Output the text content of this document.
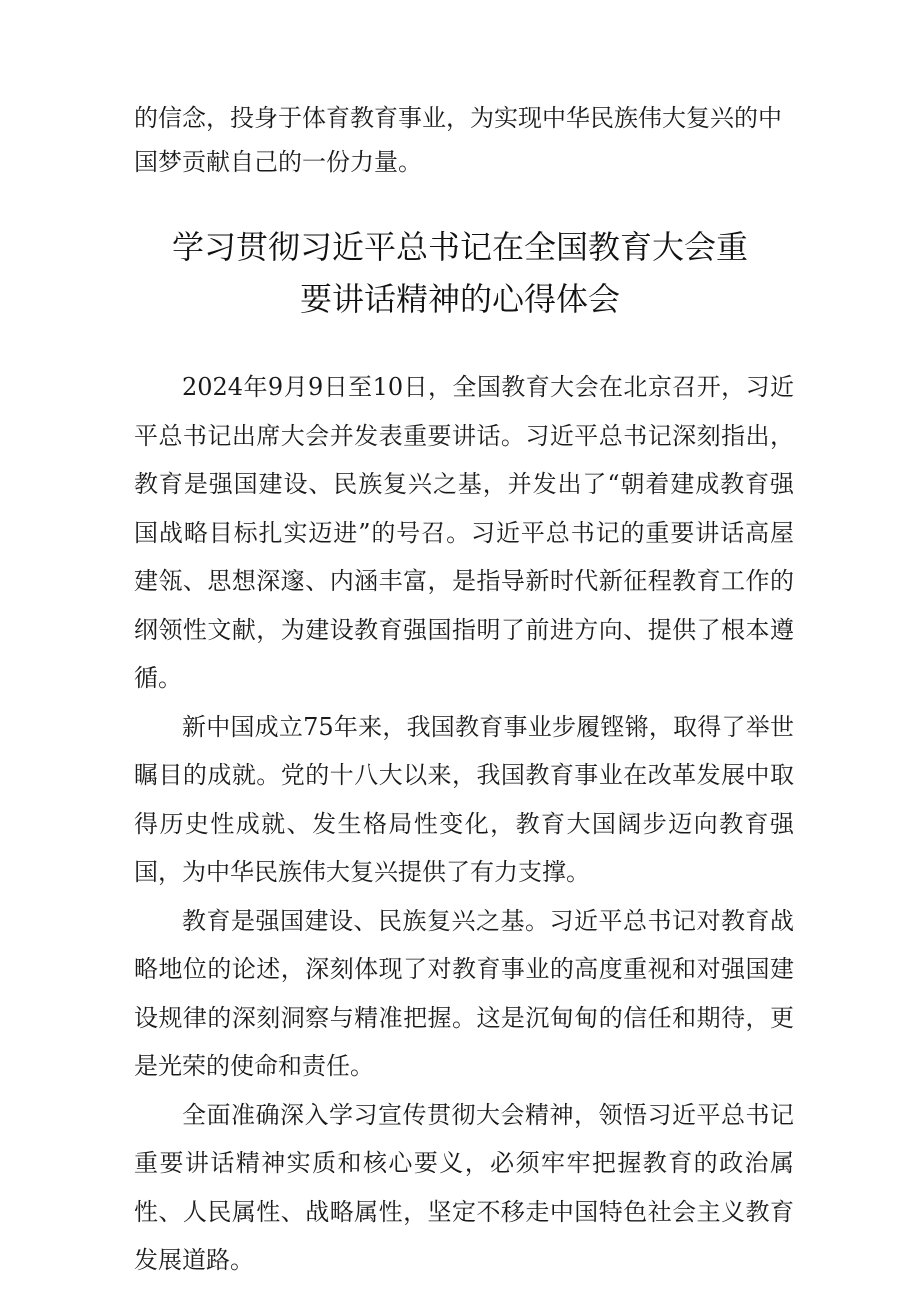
的信念，投身于体育教育事业，为实现中华民族伟大复兴的中国梦贡献自己的一份力量。

学习贯彻习近平总书记在全国教育大会重
要讲话精神的心得体会

2024年9月9日至10日，全国教育大会在北京召开，习近平总书记出席大会并发表重要讲话。习近平总书记深刻指出，教育是强国建设、民族复兴之基，并发出了“朝着建成教育强国战略目标扎实迈进”的号召。习近平总书记的重要讲话高屋建瓴、思想深邃、内涵丰富，是指导新时代新征程教育工作的纲领性文献，为建设教育强国指明了前进方向、提供了根本遵循。

新中国成立75年来，我国教育事业步履铿锵，取得了举世瞩目的成就。党的十八大以来，我国教育事业在改革发展中取得历史性成就、发生格局性变化，教育大国阔步迈向教育强国，为中华民族伟大复兴提供了有力支撑。

教育是强国建设、民族复兴之基。习近平总书记对教育战略地位的论述，深刻体现了对教育事业的高度重视和对强国建设规律的深刻洞察与精准把握。这是沉甸甸的信任和期待，更是光荣的使命和责任。

全面准确深入学习宣传贯彻大会精神，领悟习近平总书记重要讲话精神实质和核心要义，必须牢牢把握教育的政治属性、人民属性、战略属性，坚定不移走中国特色社会主义教育发展道路。
